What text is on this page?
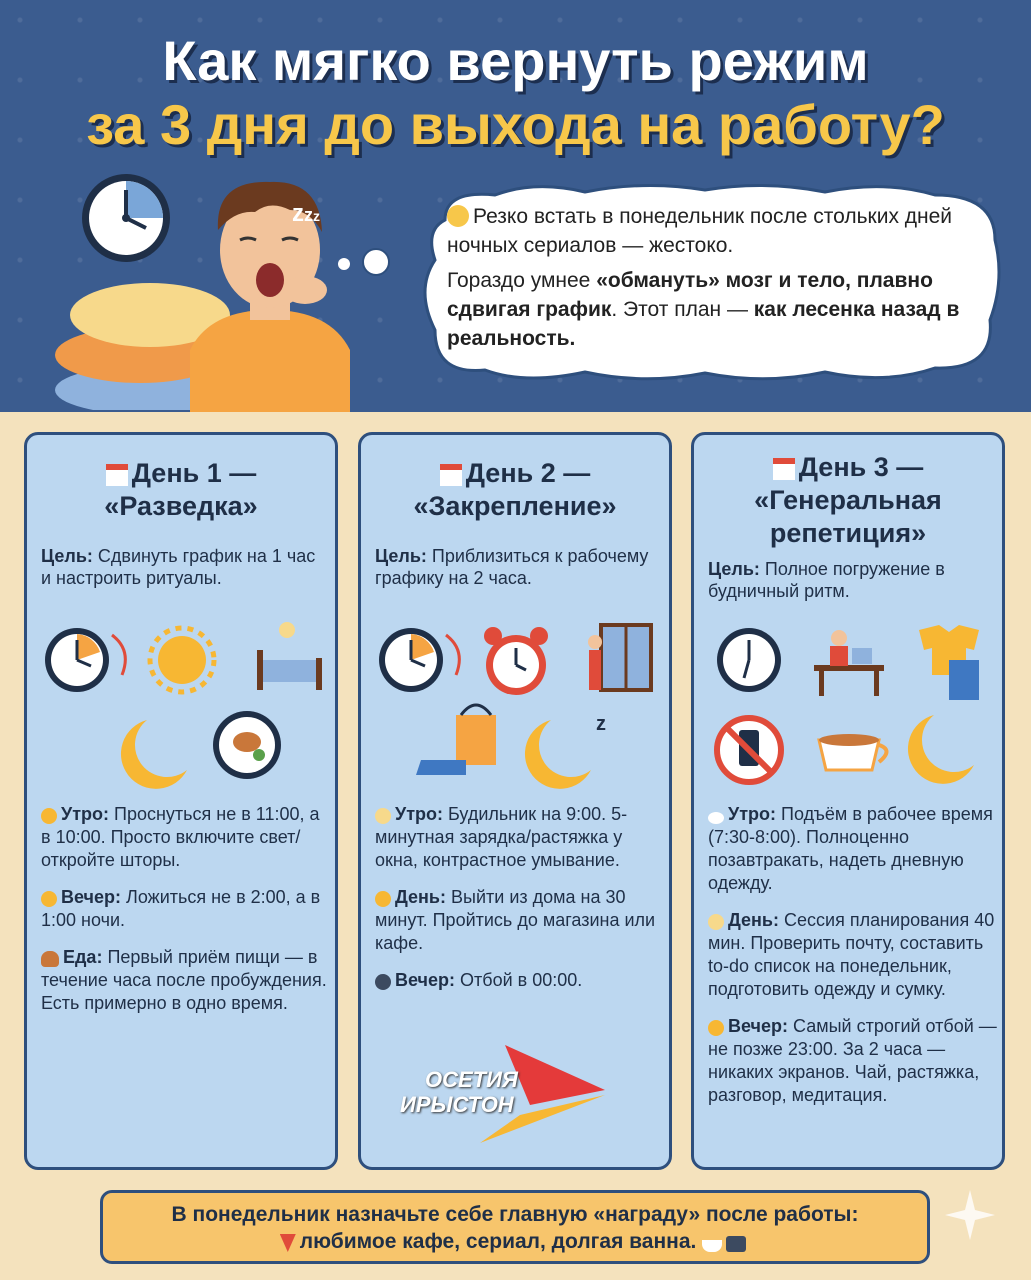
Как мягко вернуть режим
за 3 дня до выхода на работу?
zzz	Резко встать в понедельник после стольких дней ночных сериалов — жестоко.

Гораздо умнее «обмануть» мозг и тело, плавно сдвигая график. Этот план — как лесенка назад в реальность.

День 1 — «Разведка»

Цель: Сдвинуть график на 1 час и настроить ритуалы.

Утро: Проснуться не в 11:00, а в 10:00. Просто включите свет/откройте шторы.

Вечер: Ложиться не в 2:00, а в 1:00 ночи.

Еда: Первый приём пищи — в течение часа после пробуждения. Есть примерно в одно время.

День 2 — «Закрепление»

Цель: Приблизиться к рабочему графику на 2 часа.

z

Утро: Будильник на 9:00. 5-минутная зарядка/растяжка у окна, контрастное умывание.

День: Выйти из дома на 30 минут. Пройтись до магазина или кафе.

Вечер: Отбой в 00:00.

День 3 — «Генеральная репетиция»

Цель: Полное погружение в будничный ритм.

Утро: Подъём в рабочее время (7:30-8:00). Полноценно позавтракать, надеть дневную одежду.

День: Сессия планирования 40 мин. Проверить почту, составить to-do список на понедельник, подготовить одежду и сумку.

Вечер: Самый строгий отбой — не позже 23:00. За 2 часа — никаких экранов. Чай, растяжка, разговор, медитация.

ОСЕТИЯ
ИРЫСТОН
В понедельник назначьте себе главную «награду» после работы:
любимое кафе, сериал, долгая ванна.
